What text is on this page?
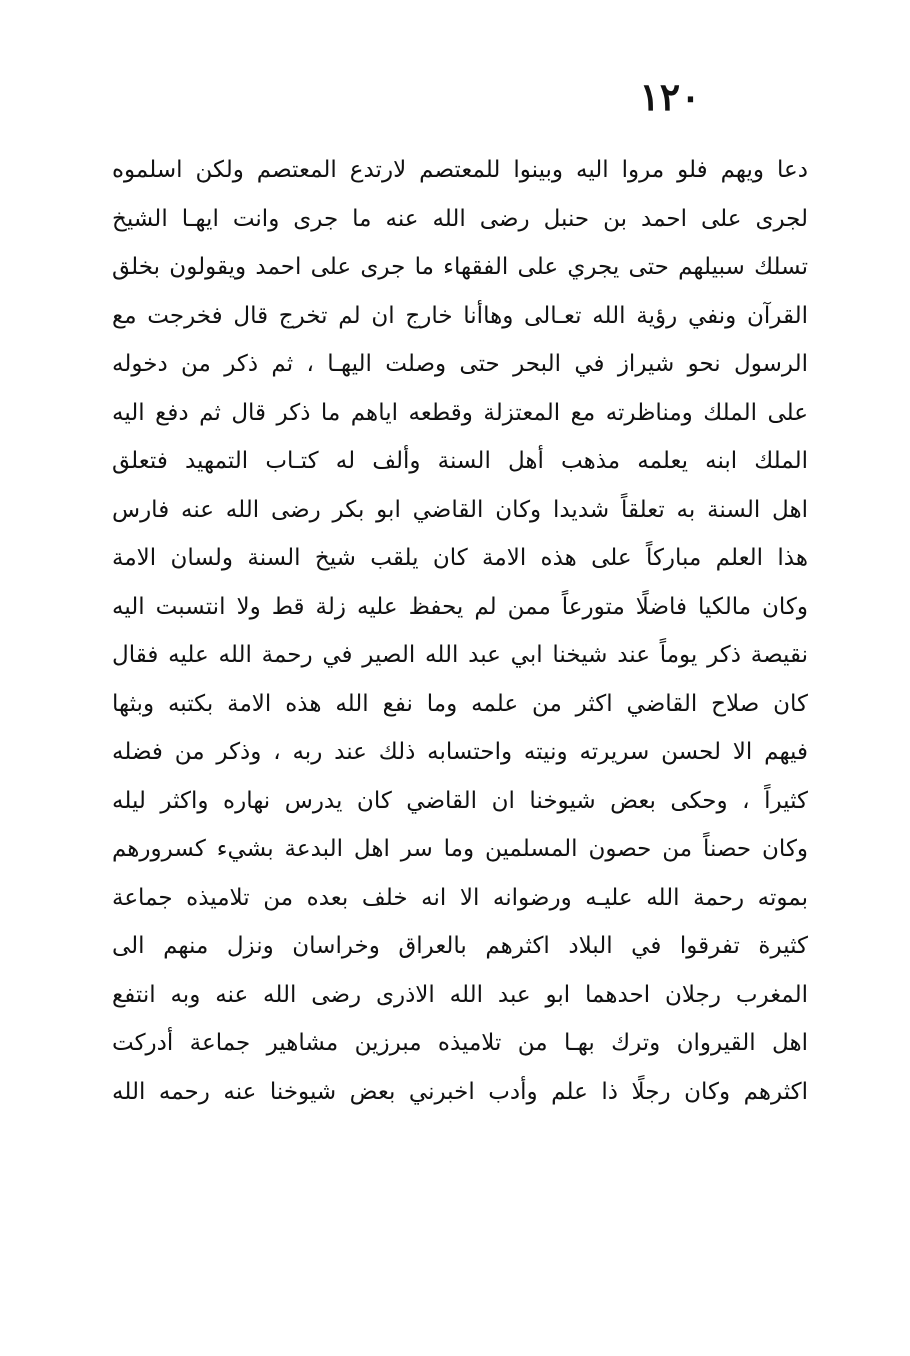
١٢٠
دعا ويهم فلو مروا اليه وبينوا للمعتصم لارتدع المعتصم ولكن اسلموه
لجرى على احمد بن حنبل رضى الله عنه ما جرى وانت ايهـا الشيخ
تسلك سبيلهم حتى يجري على الفقهاء ما جرى على احمد ويقولون بخلق
القرآن ونفي رؤية الله تعـالى وهاأنا خارج ان لم تخرج قال فخرجت مع
الرسول نحو شيراز في البحر حتى وصلت اليهـا ، ثم ذكر من دخوله
على الملك ومناظرته مع المعتزلة وقطعه اياهم ما ذكر قال ثم دفع اليه
الملك ابنه يعلمه مذهب أهل السنة وألف له كتـاب التمهيد فتعلق
اهل السنة به تعلقاً شديدا وكان القاضي ابو بكر رضى الله عنه فارس
هذا العلم مباركاً على هذه الامة كان يلقب شيخ السنة ولسان الامة
وكان مالكيا فاضلًا متورعاً ممن لم يحفظ عليه زلة قط ولا انتسبت اليه
نقيصة ذكر يوماً عند شيخنا ابي عبد الله الصير في رحمة الله عليه فقال
كان صلاح القاضي اكثر من علمه وما نفع الله هذه الامة بكتبه وبثها
فيهم الا لحسن سريرته ونيته واحتسابه ذلك عند ربه ، وذكر من فضله
كثيراً ، وحكى بعض شيوخنا ان القاضي كان يدرس نهاره واكثر ليله
وكان حصناً من حصون المسلمين وما سر اهل البدعة بشيء كسرورهم
بموته رحمة الله عليـه ورضوانه الا انه خلف بعده من تلاميذه جماعة
كثيرة تفرقوا في البلاد اكثرهم بالعراق وخراسان ونزل منهم الى
المغرب رجلان احدهما ابو عبد الله الاذرى رضى الله عنه وبه انتفع
اهل القيروان وترك بهـا من تلاميذه مبرزين مشاهير جماعة أدركت
اكثرهم وكان رجلًا ذا علم وأدب اخبرني بعض شيوخنا عنه رحمه الله
